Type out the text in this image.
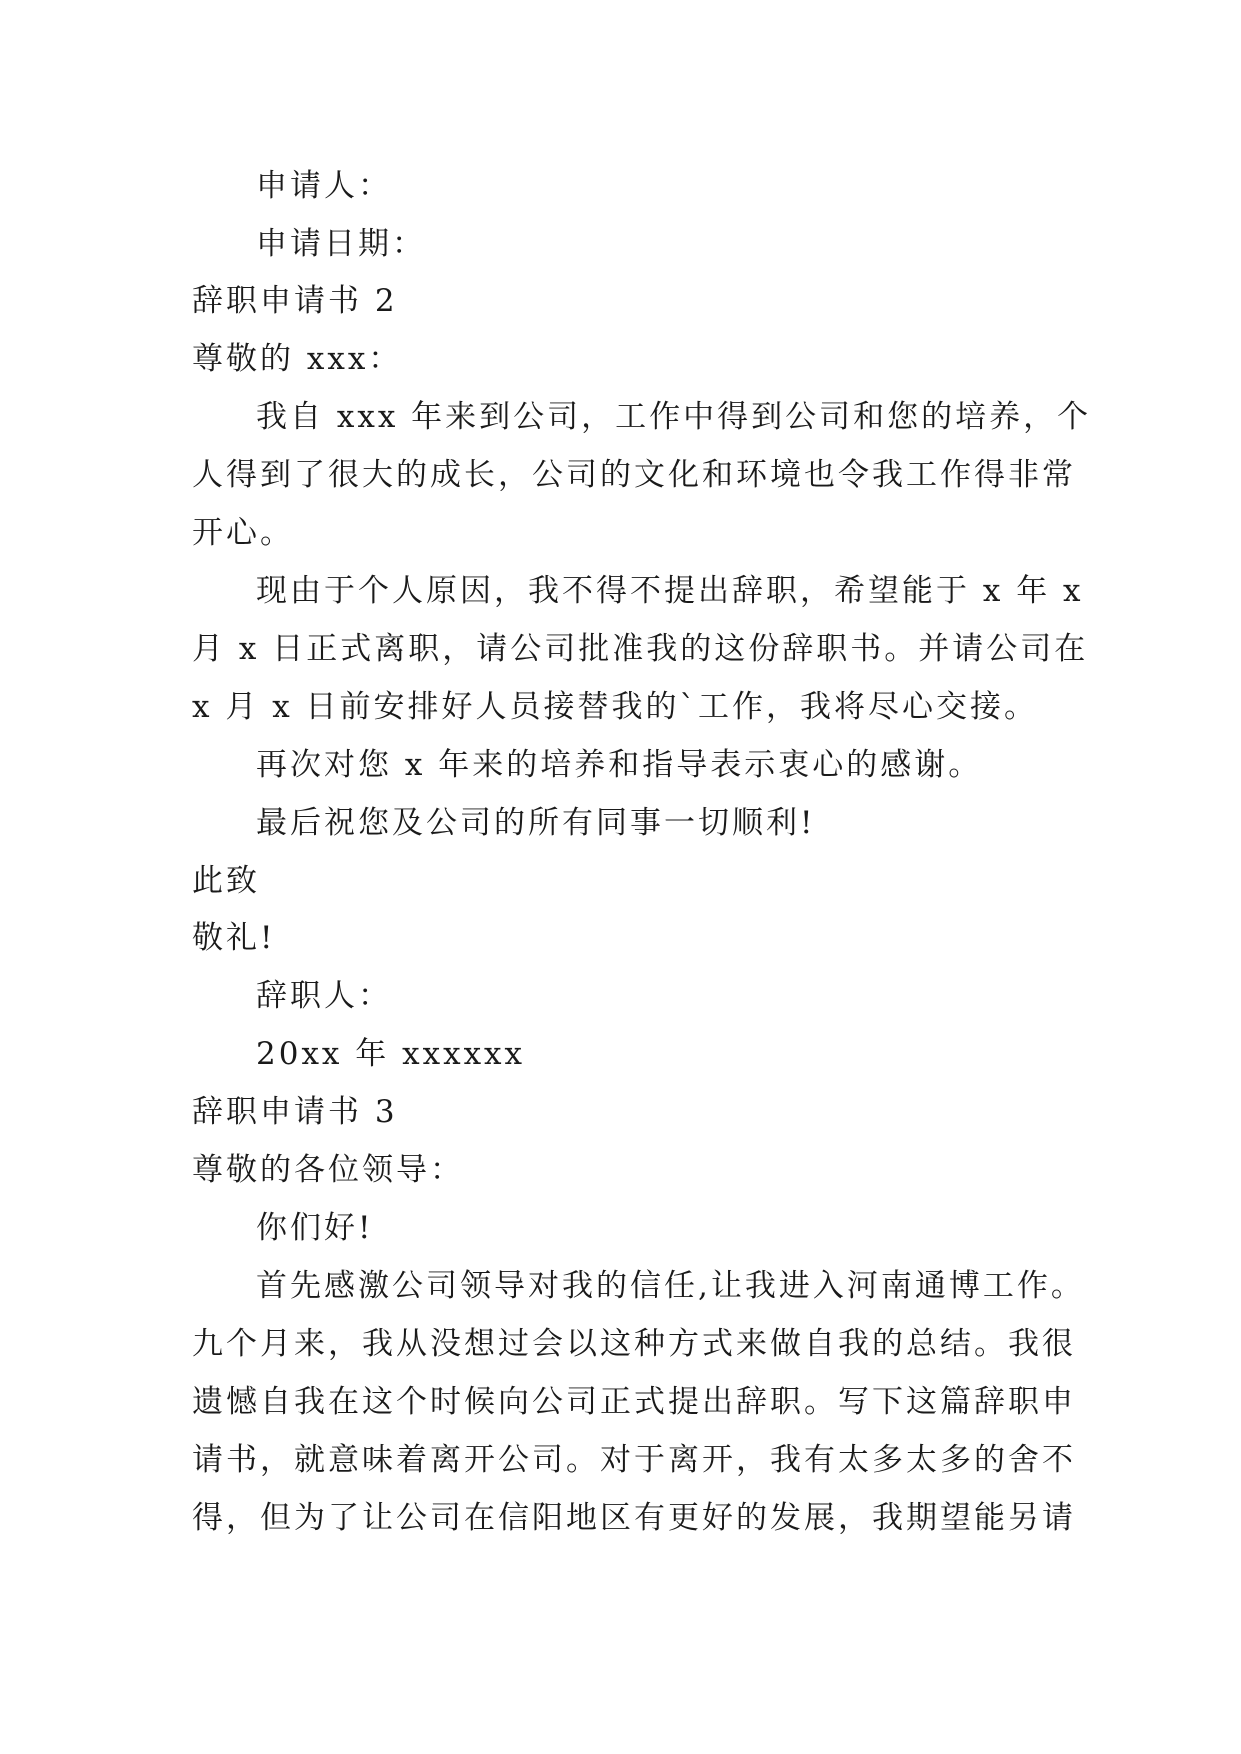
申请人：

申请日期：

辞职申请书 2

尊敬的 xxx：

我自 xxx 年来到公司，工作中得到公司和您的培养，个

人得到了很大的成长，公司的文化和环境也令我工作得非常

开心。

现由于个人原因，我不得不提出辞职，希望能于 x 年 x

月 x 日正式离职，请公司批准我的这份辞职书。并请公司在

x 月 x 日前安排好人员接替我的`工作，我将尽心交接。

再次对您 x 年来的培养和指导表示衷心的感谢。

最后祝您及公司的所有同事一切顺利!

此致

敬礼!

辞职人：

20xx 年 xxxxxx

辞职申请书 3

尊敬的各位领导：

你们好!

首先感激公司领导对我的信任,让我进入河南通博工作。

九个月来，我从没想过会以这种方式来做自我的总结。我很

遗憾自我在这个时候向公司正式提出辞职。写下这篇辞职申

请书，就意味着离开公司。对于离开，我有太多太多的舍不

得，但为了让公司在信阳地区有更好的发展，我期望能另请
